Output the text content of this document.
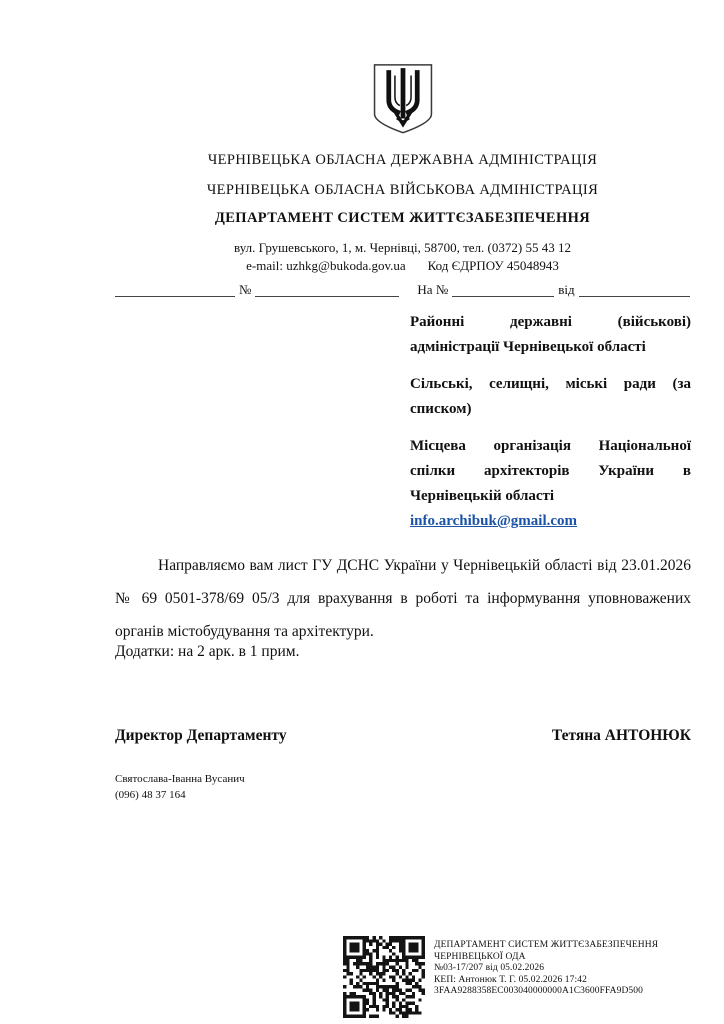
ЧЕРНІВЕЦЬКА ОБЛАСНА ДЕРЖАВНА АДМІНІСТРАЦІЯ
ЧЕРНІВЕЦЬКА ОБЛАСНА ВІЙСЬКОВА АДМІНІСТРАЦІЯ
ДЕПАРТАМЕНТ СИСТЕМ ЖИТТЄЗАБЕЗПЕЧЕННЯ
вул. Грушевського, 1, м. Чернівці, 58700, тел. (0372) 55 43 12
e-mail: uzhkg@bukoda.gov.ua Код ЄДРПОУ 45048943
№	На №	від

Районні державні (військові) адміністрації Чернівецької області

Сільські, селищні, міські ради (за списком)

Місцева організація Національної спілки архітекторів України в Чернівецькій області

info.archibuk@gmail.com

Направляємо вам лист ГУ ДСНС України у Чернівецькій області від 23.01.2026 № 69 0501-378/69 05/3 для врахування в роботі та інформування уповноважених органів містобудування та архітектури.

Додатки: на 2 арк. в 1 прим.
Директор Департаменту	Тетяна АНТОНЮК
Святослава-Іванна Вусанич
(096) 48 37 164
ДЕПАРТАМЕНТ СИСТЕМ ЖИТТЄЗАБЕЗПЕЧЕННЯ
ЧЕРНІВЕЦЬКОЇ ОДА
№03-17/207 від 05.02.2026
КЕП: Антонюк Т. Г. 05.02.2026 17:42
3FAA9288358EC003040000000A1C3600FFA9D500
